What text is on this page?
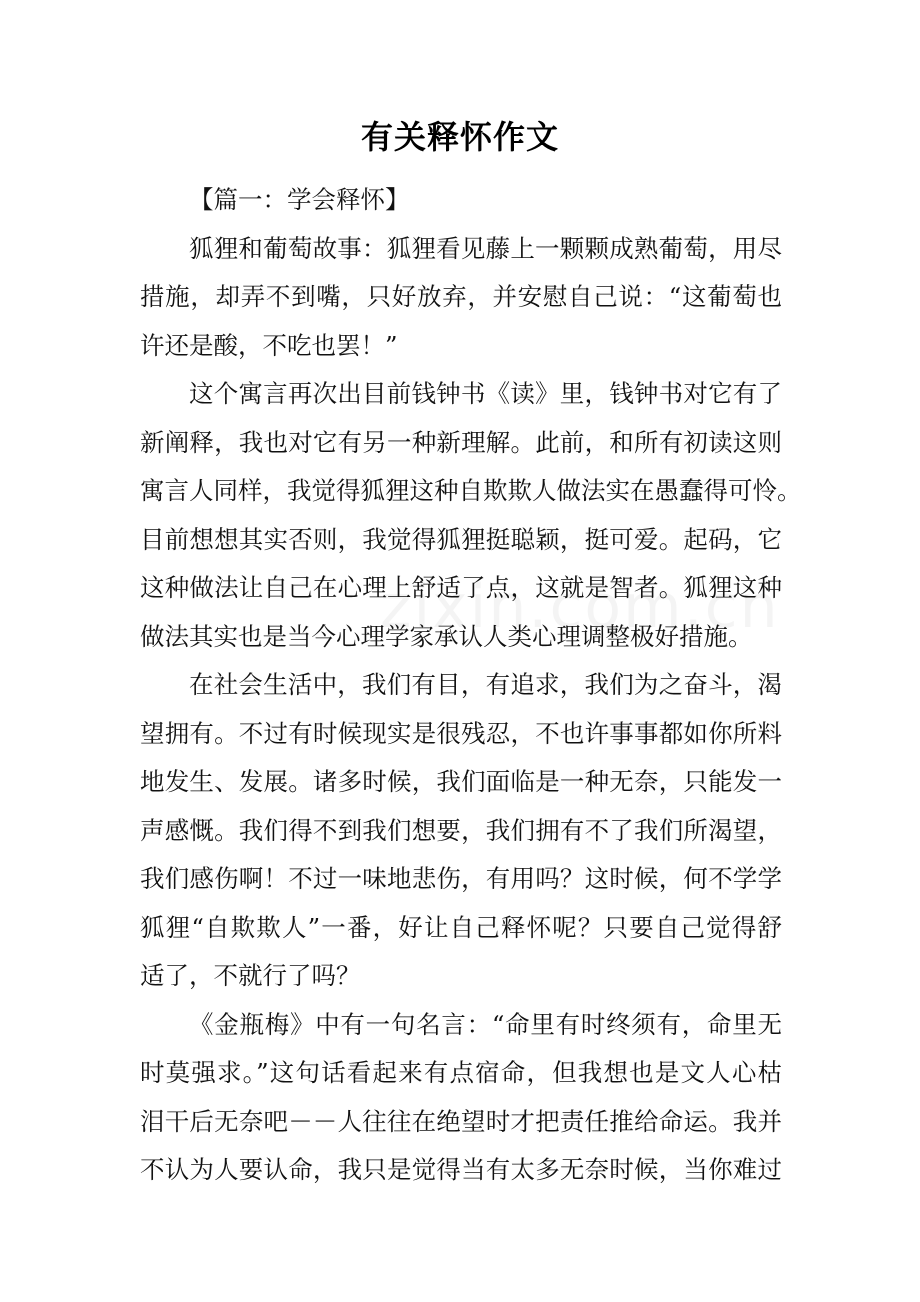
有关释怀作文
【篇一：学会释怀】
狐狸和葡萄故事：狐狸看见藤上一颗颗成熟葡萄，用尽
措施，却弄不到嘴，只好放弃，并安慰自己说：“这葡萄也
许还是酸，不吃也罢！”
这个寓言再次出目前钱钟书《读》里，钱钟书对它有了
新阐释，我也对它有另一种新理解。此前，和所有初读这则
寓言人同样，我觉得狐狸这种自欺欺人做法实在愚蠢得可怜。
目前想想其实否则，我觉得狐狸挺聪颖，挺可爱。起码，它
这种做法让自己在心理上舒适了点，这就是智者。狐狸这种
做法其实也是当今心理学家承认人类心理调整极好措施。
在社会生活中，我们有目，有追求，我们为之奋斗，渴
望拥有。不过有时候现实是很残忍，不也许事事都如你所料
地发生、发展。诸多时候，我们面临是一种无奈，只能发一
声感慨。我们得不到我们想要，我们拥有不了我们所渴望，
我们感伤啊！不过一味地悲伤，有用吗？这时候，何不学学
狐狸“自欺欺人”一番，好让自己释怀呢？只要自己觉得舒
适了，不就行了吗？
《金瓶梅》中有一句名言：“命里有时终须有，命里无
时莫强求。”这句话看起来有点宿命，但我想也是文人心枯
泪干后无奈吧－－人往往在绝望时才把责任推给命运。我并
不认为人要认命，我只是觉得当有太多无奈时候，当你难过
